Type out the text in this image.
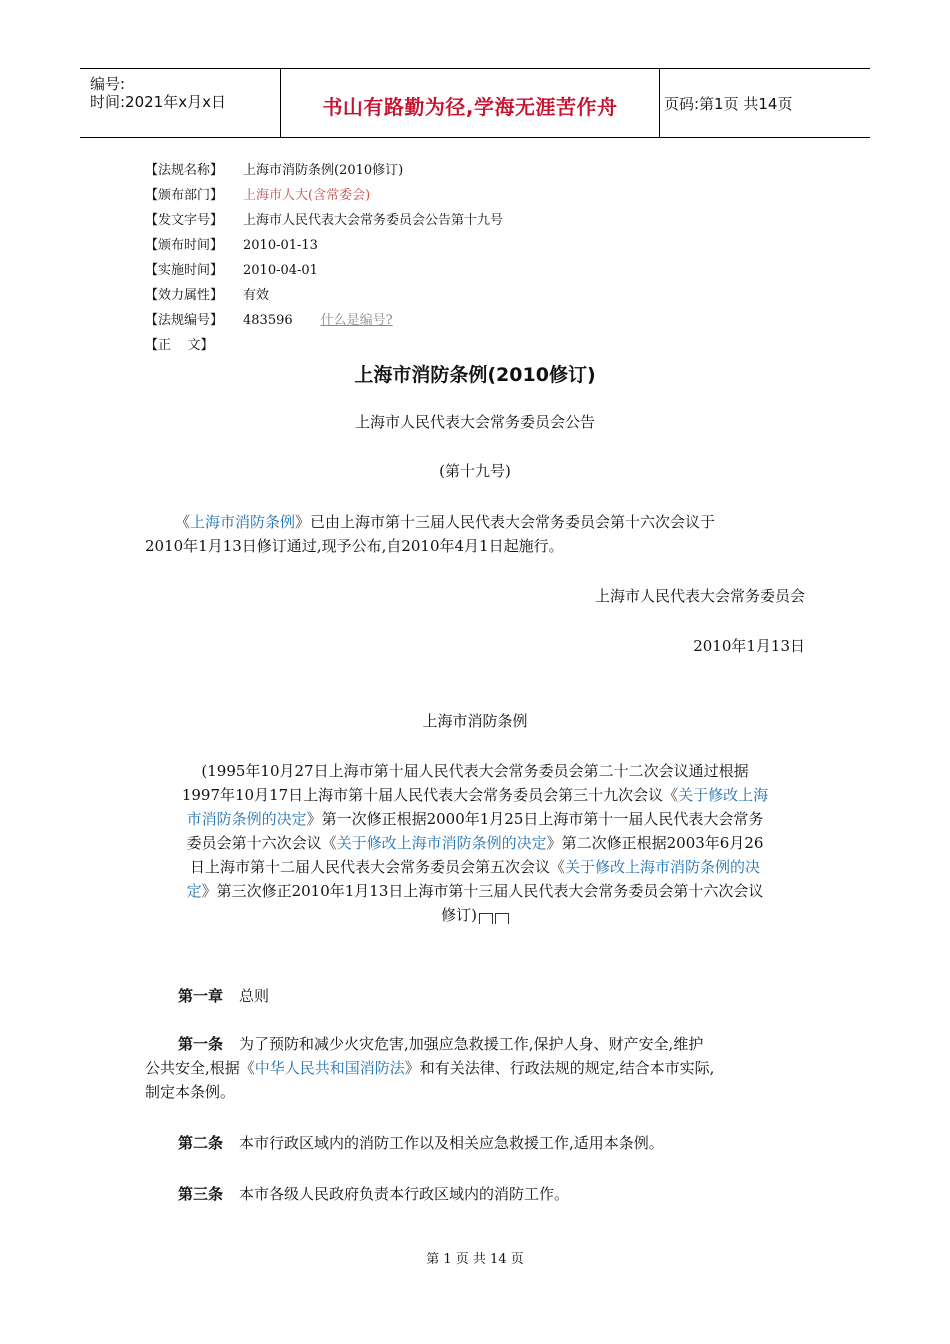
编号:
时间:2021年x月x日	书山有路勤为径,学海无涯苦作舟	页码:第1页 共14页
【法规名称】 上海市消防条例(2010修订)
【颁布部门】 上海市人大(含常委会)
【发文字号】 上海市人民代表大会常务委员会公告第十九号
【颁布时间】 2010-01-13
【实施时间】 2010-04-01
【效力属性】 有效
【法规编号】 483596 什么是编号?
【正    文】
上海市消防条例(2010修订)
上海市人民代表大会常务委员会公告
(第十九号)
《上海市消防条例》已由上海市第十三届人民代表大会常务委员会第十六次会议于
2010年1月13日修订通过,现予公布,自2010年4月1日起施行。
上海市人民代表大会常务委员会
2010年1月13日
上海市消防条例
(1995年10月27日上海市第十届人民代表大会常务委员会第二十二次会议通过根据
1997年10月17日上海市第十届人民代表大会常务委员会第三十九次会议《关于修改上海
市消防条例的决定》第一次修正根据2000年1月25日上海市第十一届人民代表大会常务
委员会第十六次会议《关于修改上海市消防条例的决定》第二次修正根据2003年6月26
日上海市第十二届人民代表大会常务委员会第五次会议《关于修改上海市消防条例的决
定》第三次修正2010年1月13日上海市第十三届人民代表大会常务委员会第十六次会议
修订)
第一章 总则
第一条 为了预防和减少火灾危害,加强应急救援工作,保护人身、财产安全,维护
公共安全,根据《中华人民共和国消防法》和有关法律、行政法规的规定,结合本市实际,
制定本条例。
第二条 本市行政区域内的消防工作以及相关应急救援工作,适用本条例。
第三条 本市各级人民政府负责本行政区域内的消防工作。
第 1 页 共 14 页
